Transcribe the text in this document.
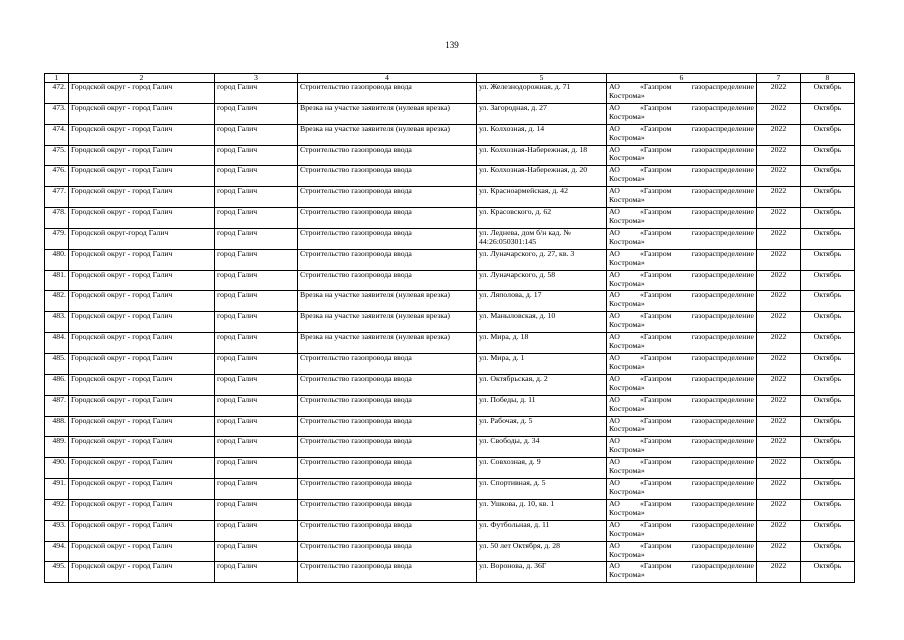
139
1	2	3	4	5	6	7	8
472.	Городской округ - город Галич	город Галич	Строительство газопровода ввода	ул. Железнодорожная, д. 71	АО «Газпром газораспределение Кострома»	2022	Октябрь
473.	Городской округ - город Галич	город Галич	Врезка на участке заявителя (нулевая врезка)	ул. Загородная, д. 27	АО «Газпром газораспределение Кострома»	2022	Октябрь
474.	Городской округ - город Галич	город Галич	Врезка на участке заявителя (нулевая врезка)	ул. Колхозная, д. 14	АО «Газпром газораспределение Кострома»	2022	Октябрь
475.	Городской округ - город Галич	город Галич	Строительство газопровода ввода	ул. Колхозная-Набережная, д. 18	АО «Газпром газораспределение Кострома»	2022	Октябрь
476.	Городской округ - город Галич	город Галич	Строительство газопровода ввода	ул. Колхозная-Набережная, д. 20	АО «Газпром газораспределение Кострома»	2022	Октябрь
477.	Городской округ - город Галич	город Галич	Строительство газопровода ввода	ул. Красноармейская, д. 42	АО «Газпром газораспределение Кострома»	2022	Октябрь
478.	Городской округ - город Галич	город Галич	Строительство газопровода ввода	ул. Красовского, д. 62	АО «Газпром газораспределение Кострома»	2022	Октябрь
479.	Городской округ-город Галич	город Галич	Строительство газопровода ввода	ул. Леднева, дом б/н кад. № 44:26:050301:145	АО «Газпром газораспределение Кострома»	2022	Октябрь
480.	Городской округ - город Галич	город Галич	Строительство газопровода ввода	ул. Луначарского, д. 27, кв. 3	АО «Газпром газораспределение Кострома»	2022	Октябрь
481.	Городской округ - город Галич	город Галич	Строительство газопровода ввода	ул. Луначарского, д. 58	АО «Газпром газораспределение Кострома»	2022	Октябрь
482.	Городской округ - город Галич	город Галич	Врезка на участке заявителя (нулевая врезка)	ул. Ляполова, д. 17	АО «Газпром газораспределение Кострома»	2022	Октябрь
483.	Городской округ - город Галич	город Галич	Врезка на участке заявителя (нулевая врезка)	ул. Маныловская, д. 10	АО «Газпром газораспределение Кострома»	2022	Октябрь
484.	Городской округ - город Галич	город Галич	Врезка на участке заявителя (нулевая врезка)	ул. Мира, д. 18	АО «Газпром газораспределение Кострома»	2022	Октябрь
485.	Городской округ - город Галич	город Галич	Строительство газопровода ввода	ул. Мира, д. 1	АО «Газпром газораспределение Кострома»	2022	Октябрь
486.	Городской округ - город Галич	город Галич	Строительство газопровода ввода	ул. Октябрьская, д. 2	АО «Газпром газораспределение Кострома»	2022	Октябрь
487.	Городской округ - город Галич	город Галич	Строительство газопровода ввода	ул. Победы, д. 11	АО «Газпром газораспределение Кострома»	2022	Октябрь
488.	Городской округ - город Галич	город Галич	Строительство газопровода ввода	ул. Рабочая, д. 5	АО «Газпром газораспределение Кострома»	2022	Октябрь
489.	Городской округ - город Галич	город Галич	Строительство газопровода ввода	ул. Свободы, д. 34	АО «Газпром газораспределение Кострома»	2022	Октябрь
490.	Городской округ - город Галич	город Галич	Строительство газопровода ввода	ул. Совхозная, д. 9	АО «Газпром газораспределение Кострома»	2022	Октябрь
491.	Городской округ - город Галич	город Галич	Строительство газопровода ввода	ул. Спортивная, д. 5	АО «Газпром газораспределение Кострома»	2022	Октябрь
492.	Городской округ - город Галич	город Галич	Строительство газопровода ввода	ул. Ушкова, д. 10, кв. 1	АО «Газпром газораспределение Кострома»	2022	Октябрь
493.	Городской округ - город Галич	город Галич	Строительство газопровода ввода	ул. Футбольная, д. 11	АО «Газпром газораспределение Кострома»	2022	Октябрь
494.	Городской округ - город Галич	город Галич	Строительство газопровода ввода	ул. 50 лет Октября, д. 28	АО «Газпром газораспределение Кострома»	2022	Октябрь
495.	Городской округ - город Галич	город Галич	Строительство газопровода ввода	ул. Воронова, д. 36Г	АО «Газпром газораспределение Кострома»	2022	Октябрь
